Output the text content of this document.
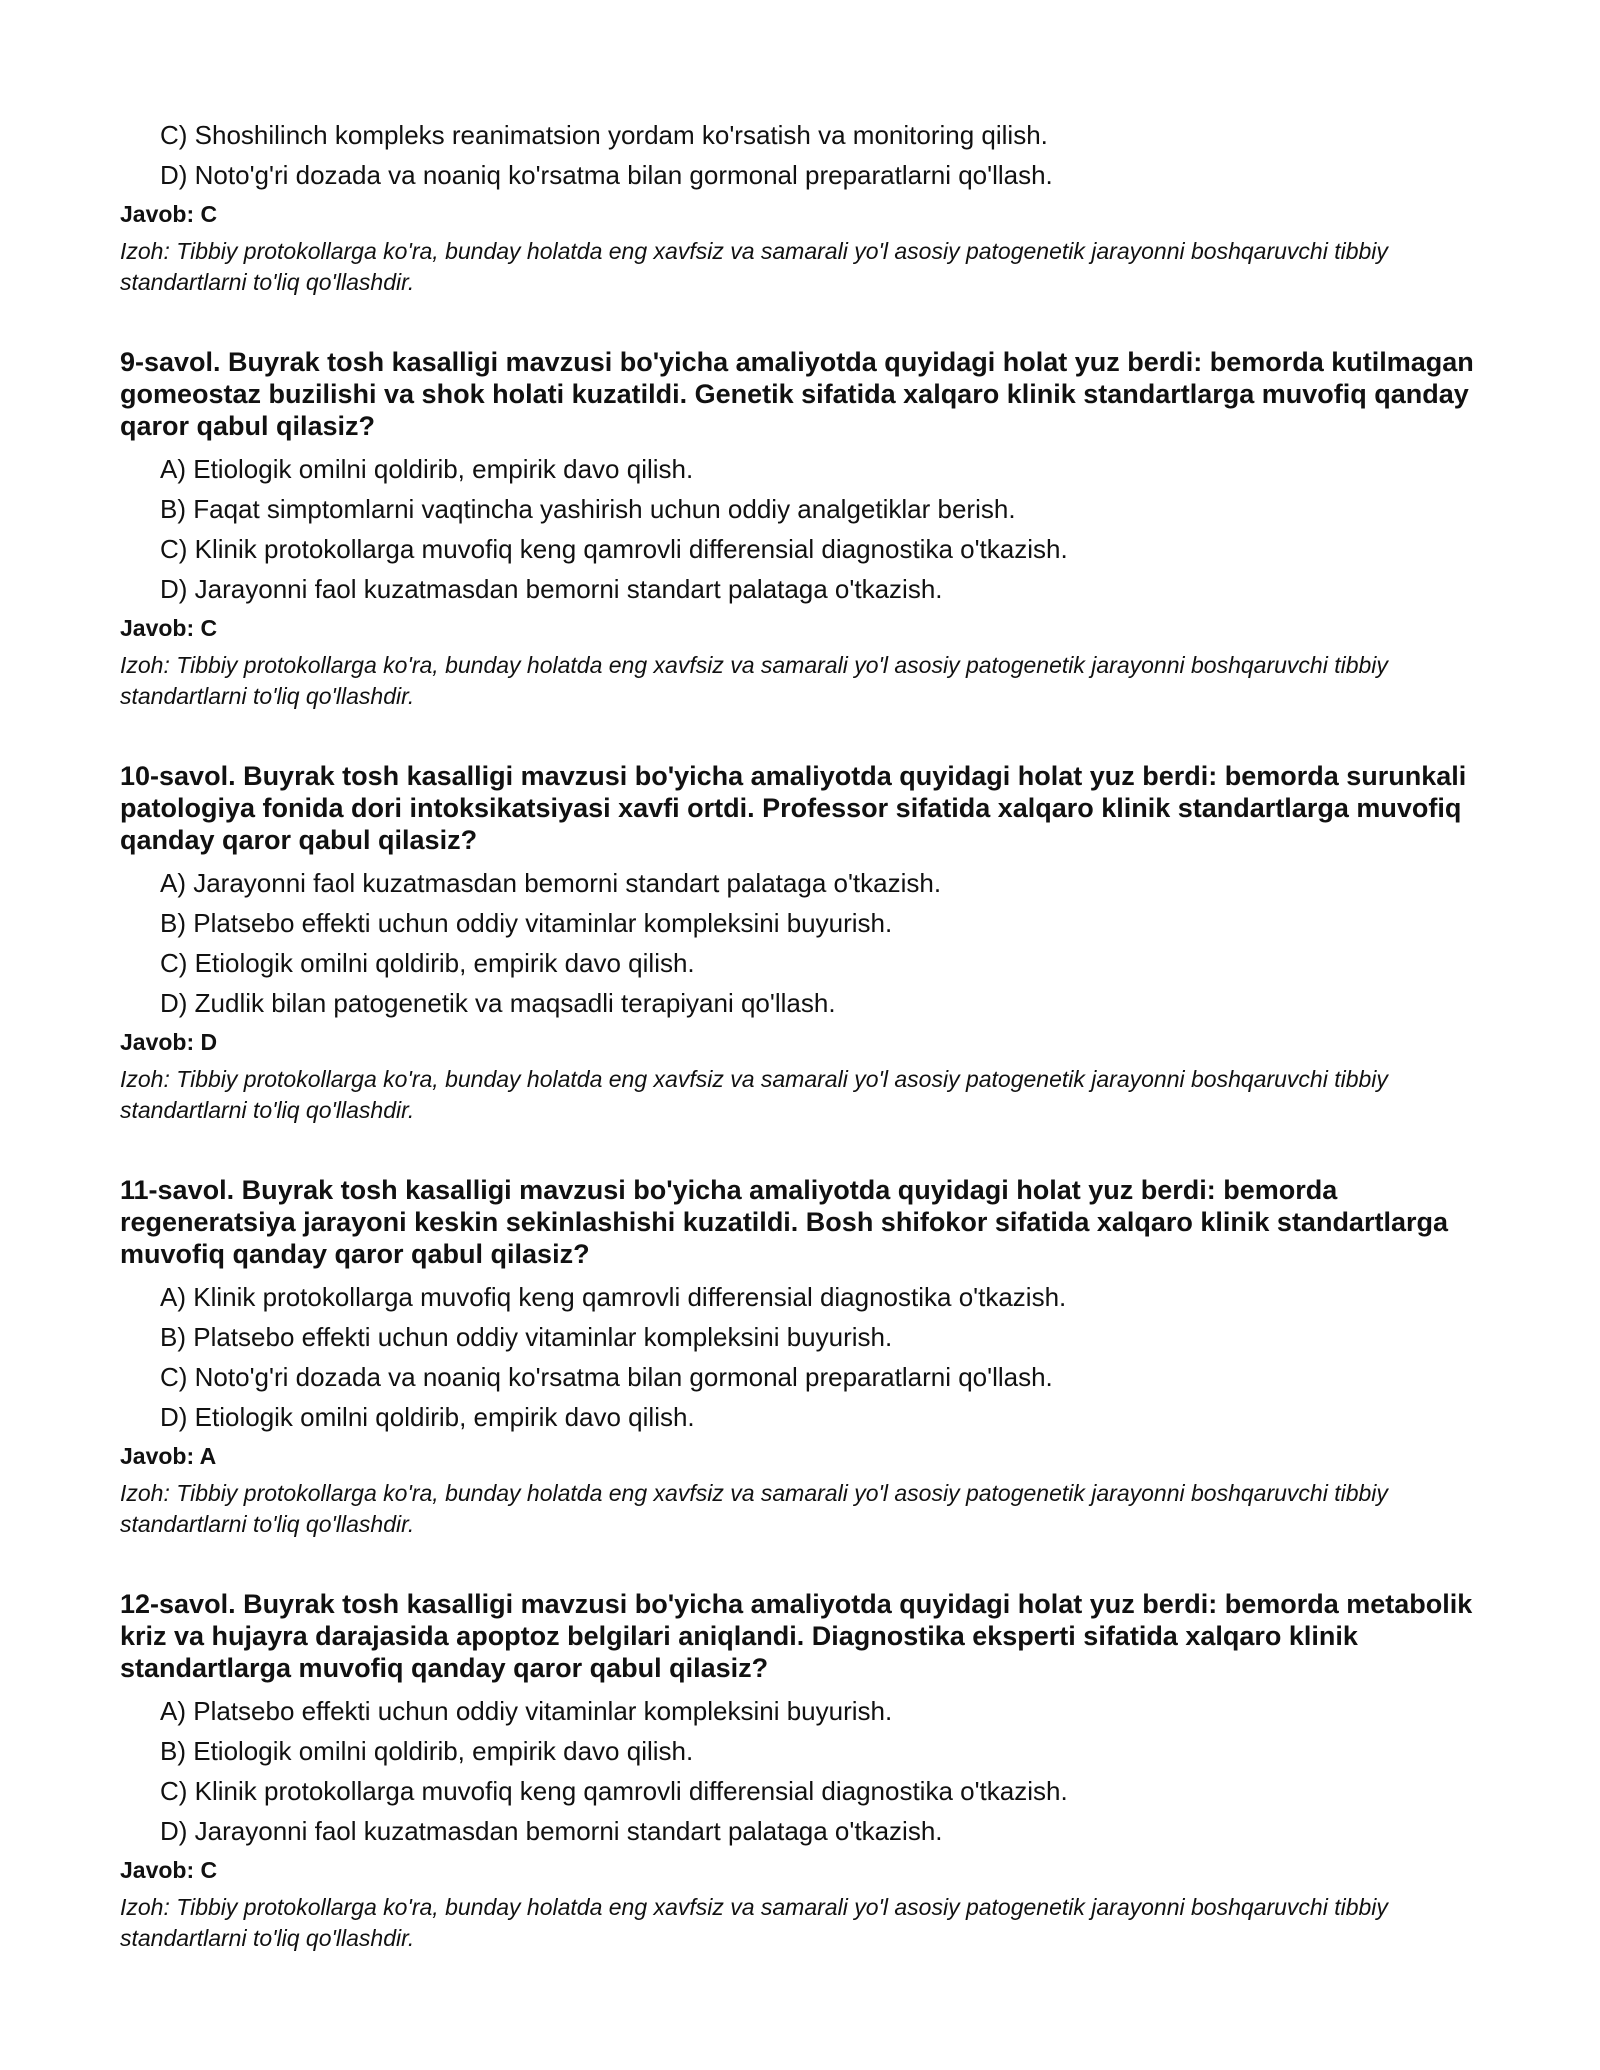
C) Shoshilinch kompleks reanimatsion yordam ko'rsatish va monitoring qilish.

D) Noto'g'ri dozada va noaniq ko'rsatma bilan gormonal preparatlarni qo'llash.

Javob: C

Izoh: Tibbiy protokollarga ko'ra, bunday holatda eng xavfsiz va samarali yo'l asosiy patogenetik jarayonni boshqaruvchi tibbiy standartlarni to'liq qo'llashdir.

9-savol. Buyrak tosh kasalligi mavzusi bo'yicha amaliyotda quyidagi holat yuz berdi: bemorda kutilmagan gomeostaz buzilishi va shok holati kuzatildi. Genetik sifatida xalqaro klinik standartlarga muvofiq qanday qaror qabul qilasiz?

A) Etiologik omilni qoldirib, empirik davo qilish.

B) Faqat simptomlarni vaqtincha yashirish uchun oddiy analgetiklar berish.

C) Klinik protokollarga muvofiq keng qamrovli differensial diagnostika o'tkazish.

D) Jarayonni faol kuzatmasdan bemorni standart palataga o'tkazish.

Javob: C

Izoh: Tibbiy protokollarga ko'ra, bunday holatda eng xavfsiz va samarali yo'l asosiy patogenetik jarayonni boshqaruvchi tibbiy standartlarni to'liq qo'llashdir.

10-savol. Buyrak tosh kasalligi mavzusi bo'yicha amaliyotda quyidagi holat yuz berdi: bemorda surunkali patologiya fonida dori intoksikatsiyasi xavfi ortdi. Professor sifatida xalqaro klinik standartlarga muvofiq qanday qaror qabul qilasiz?

A) Jarayonni faol kuzatmasdan bemorni standart palataga o'tkazish.

B) Platsebo effekti uchun oddiy vitaminlar kompleksini buyurish.

C) Etiologik omilni qoldirib, empirik davo qilish.

D) Zudlik bilan patogenetik va maqsadli terapiyani qo'llash.

Javob: D

Izoh: Tibbiy protokollarga ko'ra, bunday holatda eng xavfsiz va samarali yo'l asosiy patogenetik jarayonni boshqaruvchi tibbiy standartlarni to'liq qo'llashdir.

11-savol. Buyrak tosh kasalligi mavzusi bo'yicha amaliyotda quyidagi holat yuz berdi: bemorda regeneratsiya jarayoni keskin sekinlashishi kuzatildi. Bosh shifokor sifatida xalqaro klinik standartlarga muvofiq qanday qaror qabul qilasiz?

A) Klinik protokollarga muvofiq keng qamrovli differensial diagnostika o'tkazish.

B) Platsebo effekti uchun oddiy vitaminlar kompleksini buyurish.

C) Noto'g'ri dozada va noaniq ko'rsatma bilan gormonal preparatlarni qo'llash.

D) Etiologik omilni qoldirib, empirik davo qilish.

Javob: A

Izoh: Tibbiy protokollarga ko'ra, bunday holatda eng xavfsiz va samarali yo'l asosiy patogenetik jarayonni boshqaruvchi tibbiy standartlarni to'liq qo'llashdir.

12-savol. Buyrak tosh kasalligi mavzusi bo'yicha amaliyotda quyidagi holat yuz berdi: bemorda metabolik kriz va hujayra darajasida apoptoz belgilari aniqlandi. Diagnostika eksperti sifatida xalqaro klinik standartlarga muvofiq qanday qaror qabul qilasiz?

A) Platsebo effekti uchun oddiy vitaminlar kompleksini buyurish.

B) Etiologik omilni qoldirib, empirik davo qilish.

C) Klinik protokollarga muvofiq keng qamrovli differensial diagnostika o'tkazish.

D) Jarayonni faol kuzatmasdan bemorni standart palataga o'tkazish.

Javob: C

Izoh: Tibbiy protokollarga ko'ra, bunday holatda eng xavfsiz va samarali yo'l asosiy patogenetik jarayonni boshqaruvchi tibbiy standartlarni to'liq qo'llashdir.
